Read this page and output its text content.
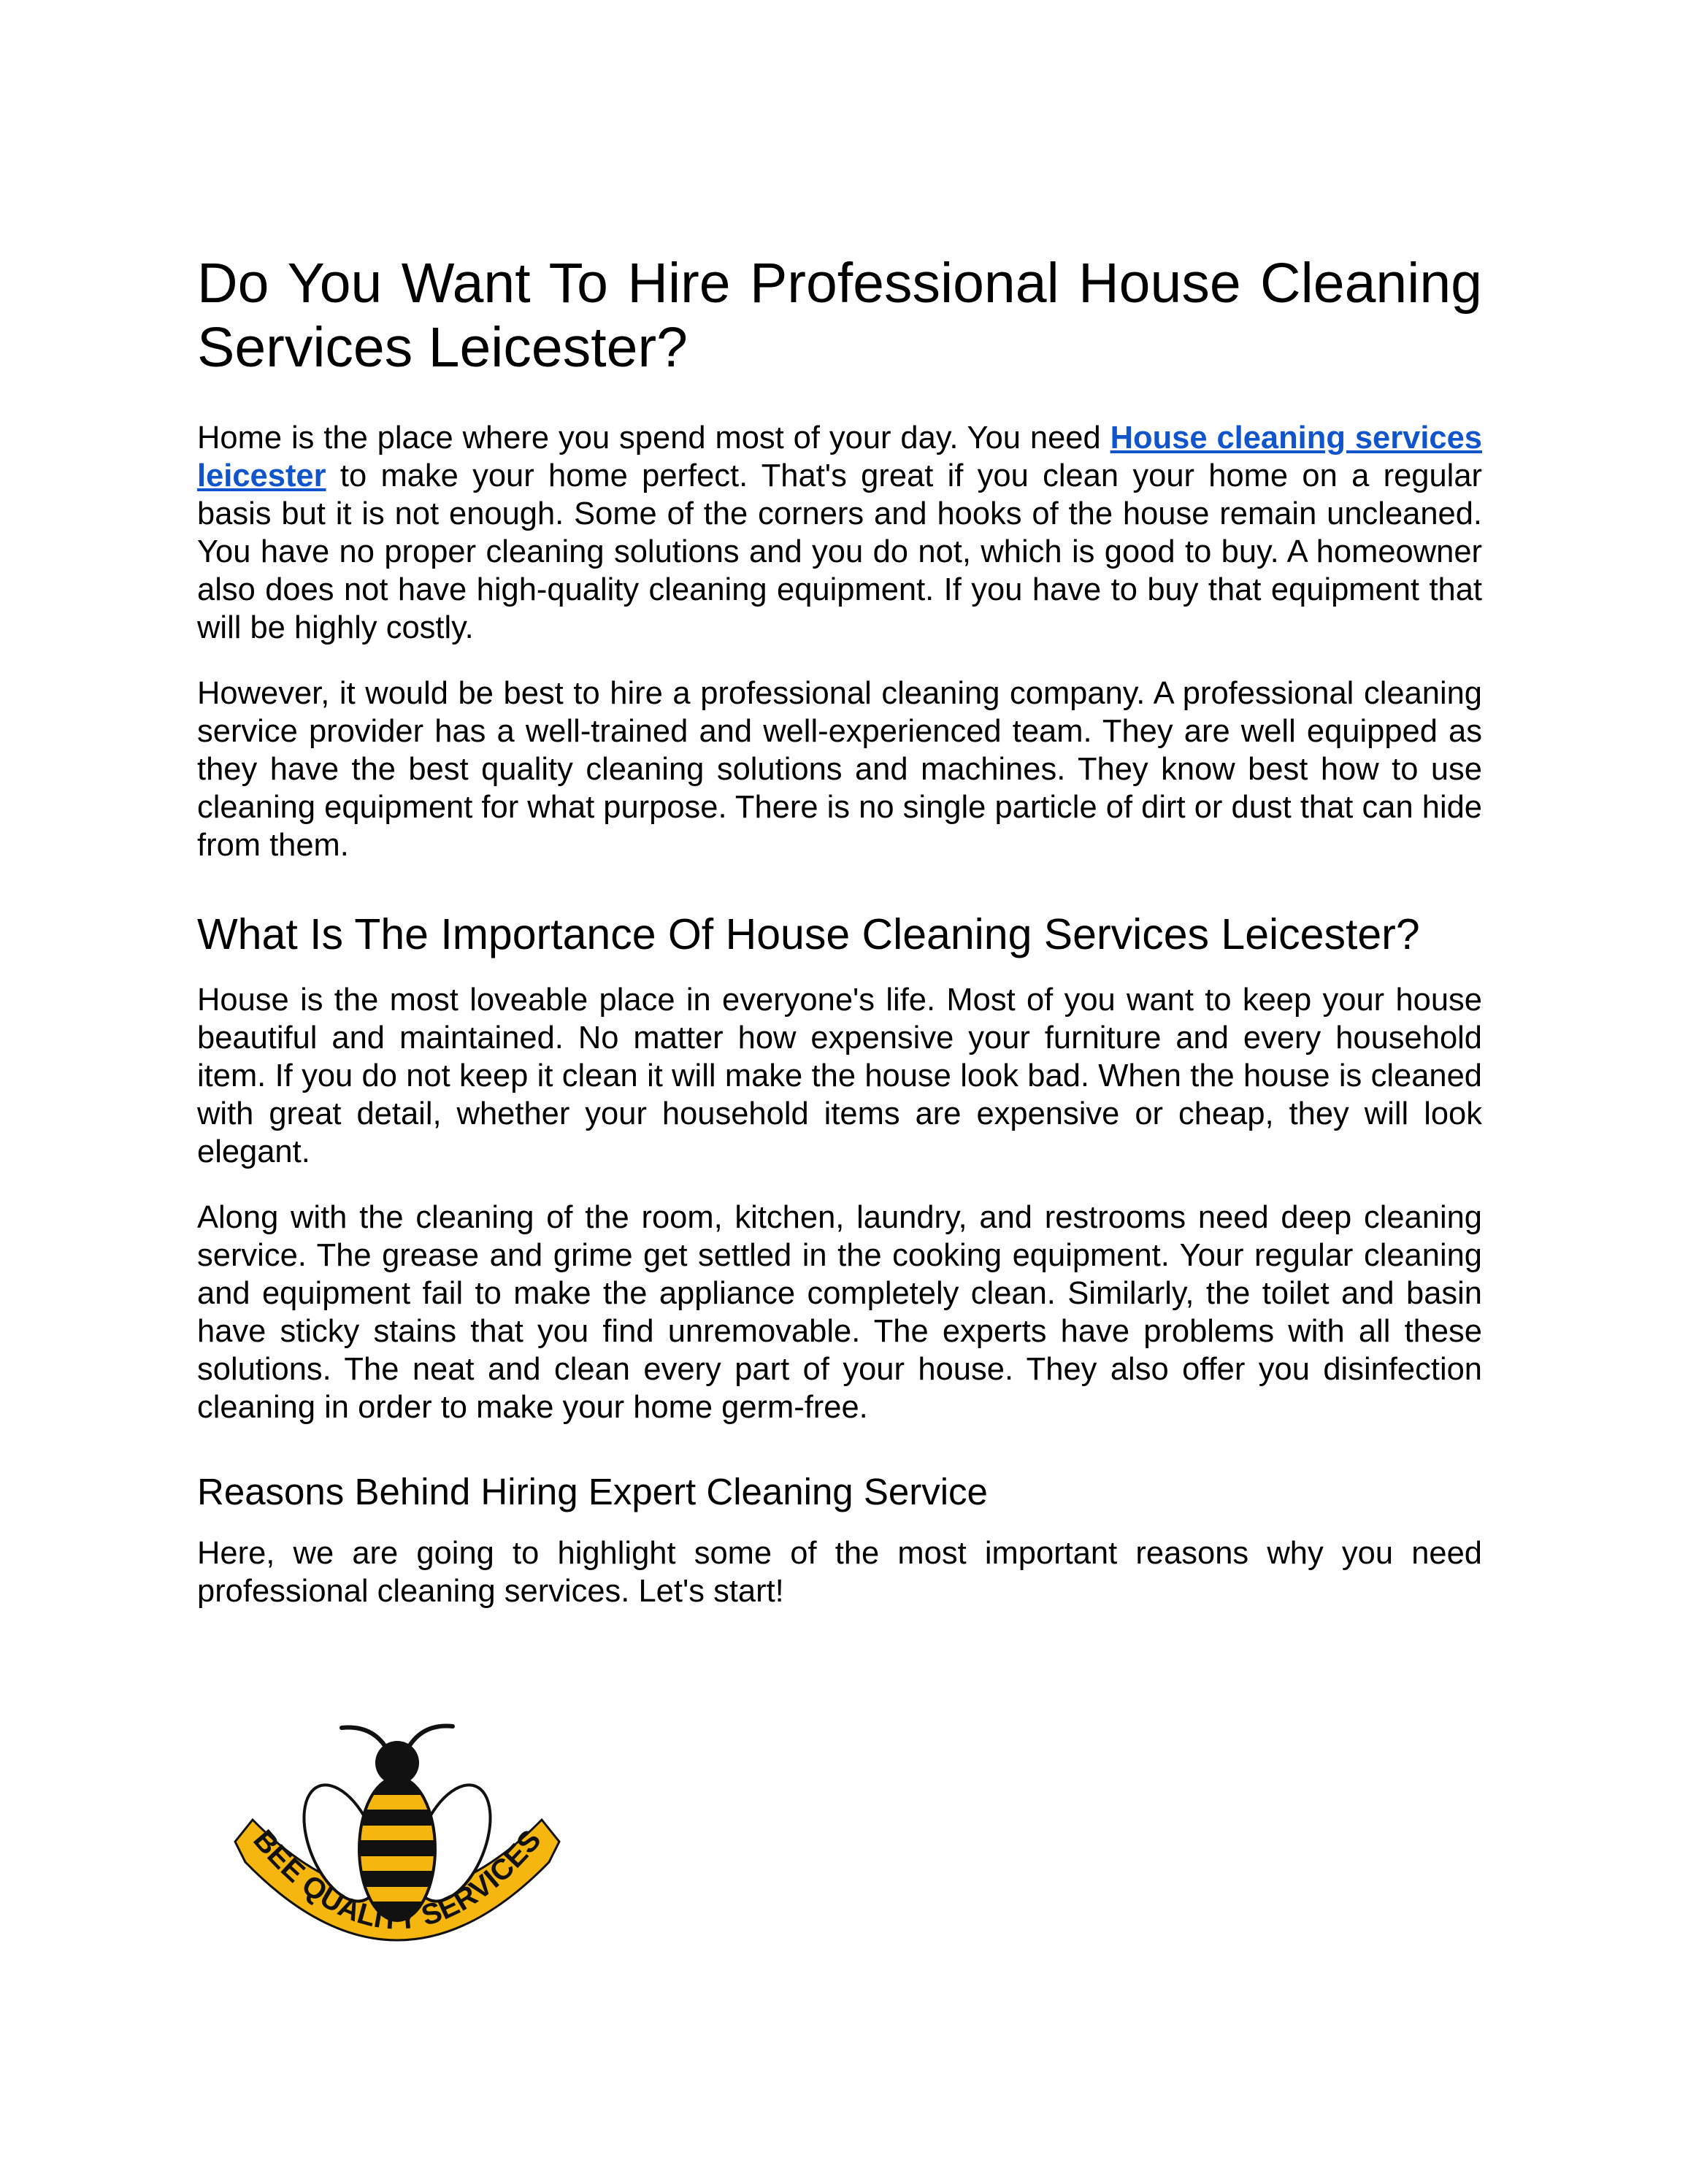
Do You Want To Hire Professional House Cleaning Services Leicester?

Home is the place where you spend most of your day. You need House cleaning services leicester to make your home perfect. That's great if you clean your home on a regular basis but it is not enough. Some of the corners and hooks of the house remain uncleaned. You have no proper cleaning solutions and you do not, which is good to buy. A homeowner also does not have high-quality cleaning equipment. If you have to buy that equipment that will be highly costly.

However, it would be best to hire a professional cleaning company. A professional cleaning service provider has a well-trained and well-experienced team. They are well equipped as they have the best quality cleaning solutions and machines. They know best how to use cleaning equipment for what purpose. There is no single particle of dirt or dust that can hide from them.

What Is The Importance Of House Cleaning Services Leicester?

House is the most loveable place in everyone's life. Most of you want to keep your house beautiful and maintained. No matter how expensive your furniture and every household item. If you do not keep it clean it will make the house look bad. When the house is cleaned with great detail, whether your household items are expensive or cheap, they will look elegant.

Along with the cleaning of the room, kitchen, laundry, and restrooms need deep cleaning service. The grease and grime get settled in the cooking equipment. Your regular cleaning and equipment fail to make the appliance completely clean. Similarly, the toilet and basin have sticky stains that you find unremovable. The experts have problems with all these solutions. The neat and clean every part of your house. They also offer you disinfection cleaning in order to make your home germ-free.

Reasons Behind Hiring Expert Cleaning Service

Here, we are going to highlight some of the most important reasons why you need professional cleaning services. Let's start!

BEE QUALITY SERVICES
